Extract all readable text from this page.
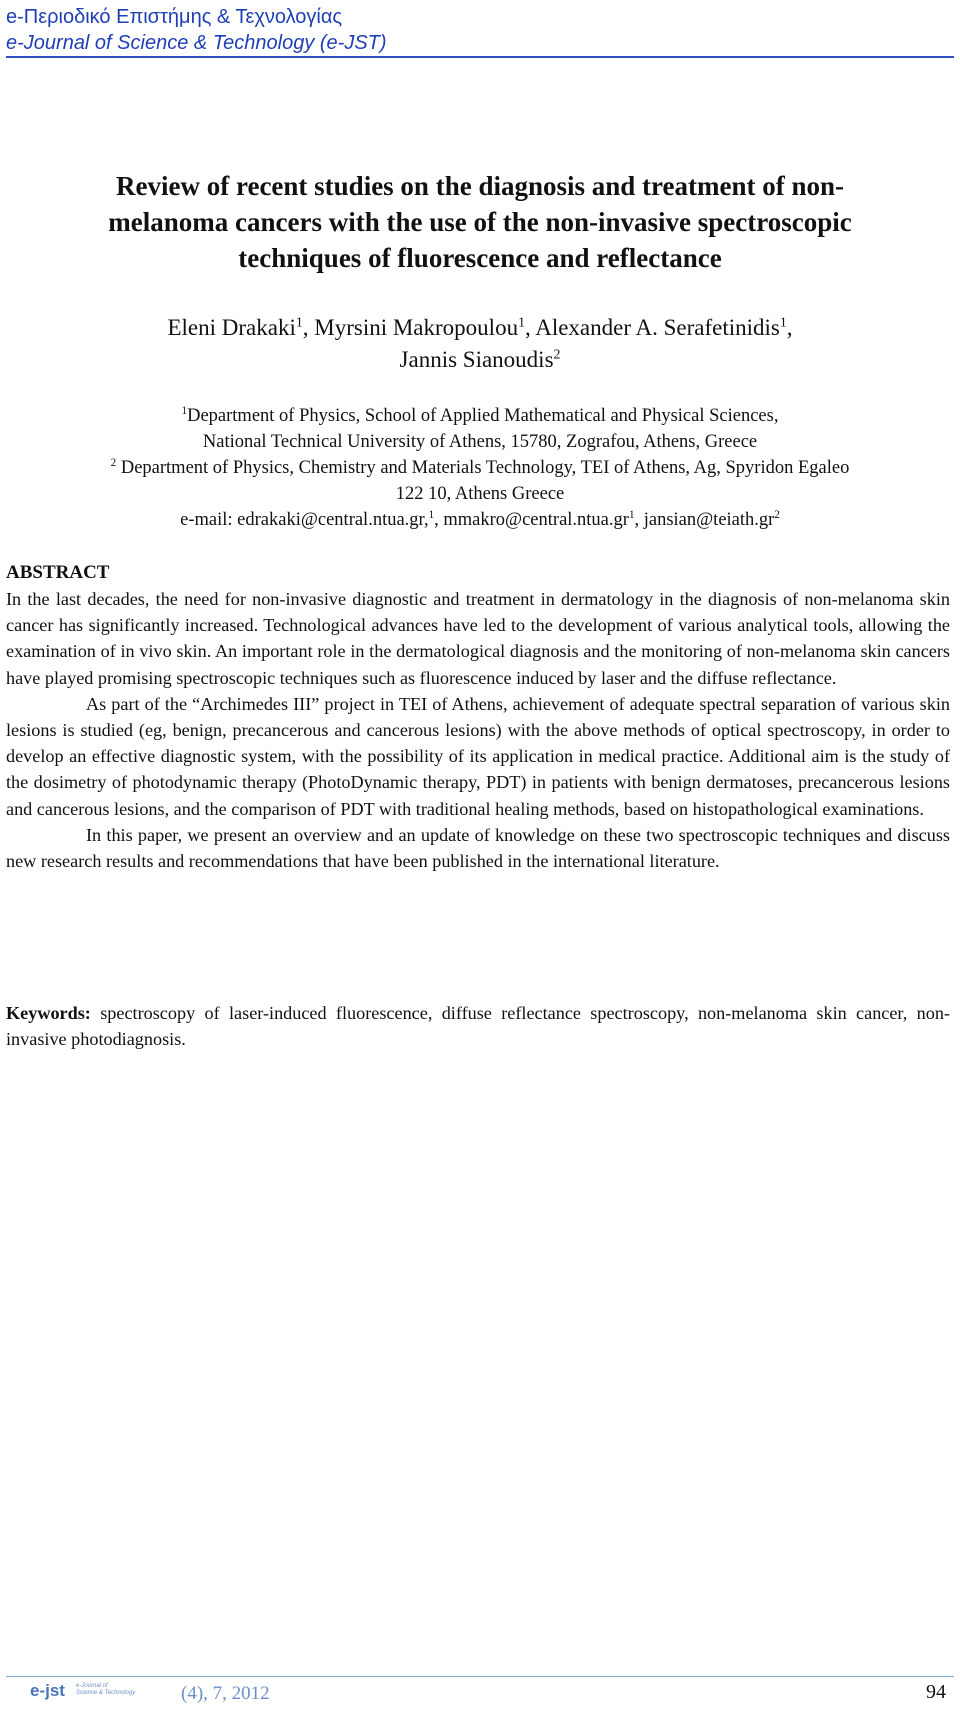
e-Περιοδικό Επιστήμης & Τεχνολογίας
e-Journal of Science & Technology (e-JST)
Review of recent studies on the diagnosis and treatment of non-
melanoma cancers with the use of the non-invasive spectroscopic
techniques of fluorescence and reflectance
Eleni Drakaki$^1$, Myrsini Makropoulou$^1$, Alexander A. Serafetinidis$^1$,
Jannis Sianoudis$^2$
$^1$Department of Physics, School of Applied Mathematical and Physical Sciences,
National Technical University of Athens, 15780, Zografou, Athens, Greece
$^2$ Department of Physics, Chemistry and Materials Technology, TEI of Athens, Ag, Spyridon Egaleo
122 10, Athens Greece
e-mail: edrakaki@central.ntua.gr,$^1$, $mmakro@central.ntua.gr^1$, $jansian@teiath.gr^2$
ABSTRACT

In the last decades, the need for non-invasive diagnostic and treatment in dermatology in the diagnosis of non-melanoma skin cancer has significantly increased. Technological advances have led to the development of various analytical tools, allowing the examination of in vivo skin. An important role in the dermatological diagnosis and the monitoring of non-melanoma skin cancers have played promising spectroscopic techniques such as fluorescence induced by laser and the diffuse reflectance.

As part of the “Archimedes III” project in TEI of Athens, achievement of adequate spectral separation of various skin lesions is studied (eg, benign, precancerous and cancerous lesions) with the above methods of optical spectroscopy, in order to develop an effective diagnostic system, with the possibility of its application in medical practice. Additional aim is the study of the dosimetry of photodynamic therapy (PhotoDynamic therapy, PDT) in patients with benign dermatoses, precancerous lesions and cancerous lesions, and the comparison of PDT with traditional healing methods, based on histopathological examinations.

In this paper, we present an overview and an update of knowledge on these two spectroscopic techniques and discuss new research results and recommendations that have been published in the international literature.

Keywords: spectroscopy of laser-induced fluorescence, diffuse reflectance spectroscopy, non-melanoma skin cancer, non-invasive photodiagnosis.
e-jst e-Journal of
Science & Technology (4), 7, 2012	94
